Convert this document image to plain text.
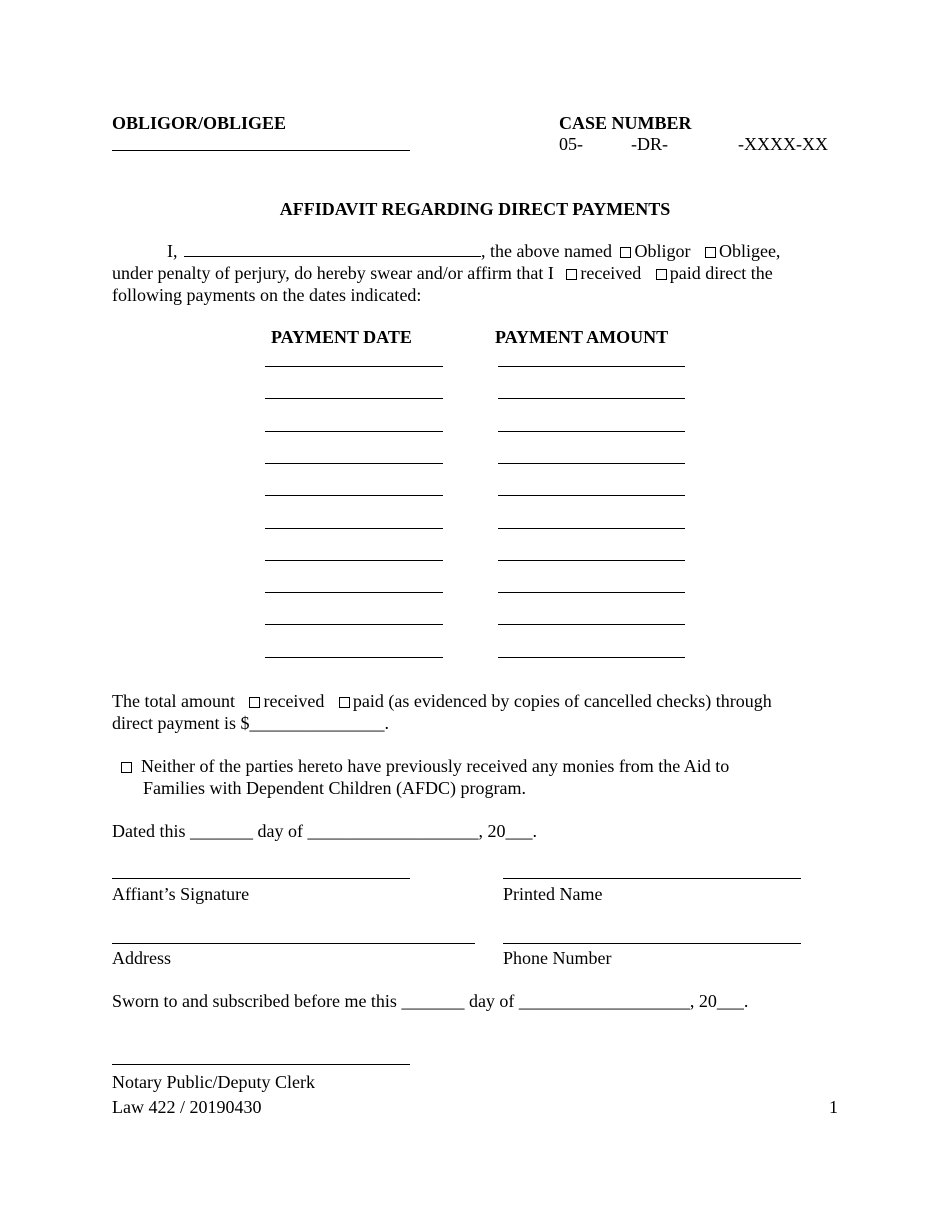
OBLIGOR/OBLIGEE	CASE NUMBER
05-	-DR-	-XXXX-XX
AFFIDAVIT REGARDING DIRECT PAYMENTS
I,	, the above named Obligor Obligee,
under penalty of perjury, do hereby swear and/or affirm that I received paid direct the
following payments on the dates indicated:
PAYMENT DATE	PAYMENT AMOUNT
The total amount received paid (as evidenced by copies of cancelled checks) through
direct payment is $_______________.
Neither of the parties hereto have previously received any monies from the Aid to
Families with Dependent Children (AFDC) program.
Dated this _______ day of ___________________, 20___.
Affiant’s Signature	Printed Name
Address	Phone Number
Sworn to and subscribed before me this _______ day of ___________________, 20___.
Notary Public/Deputy Clerk
Law 422 / 20190430	1
